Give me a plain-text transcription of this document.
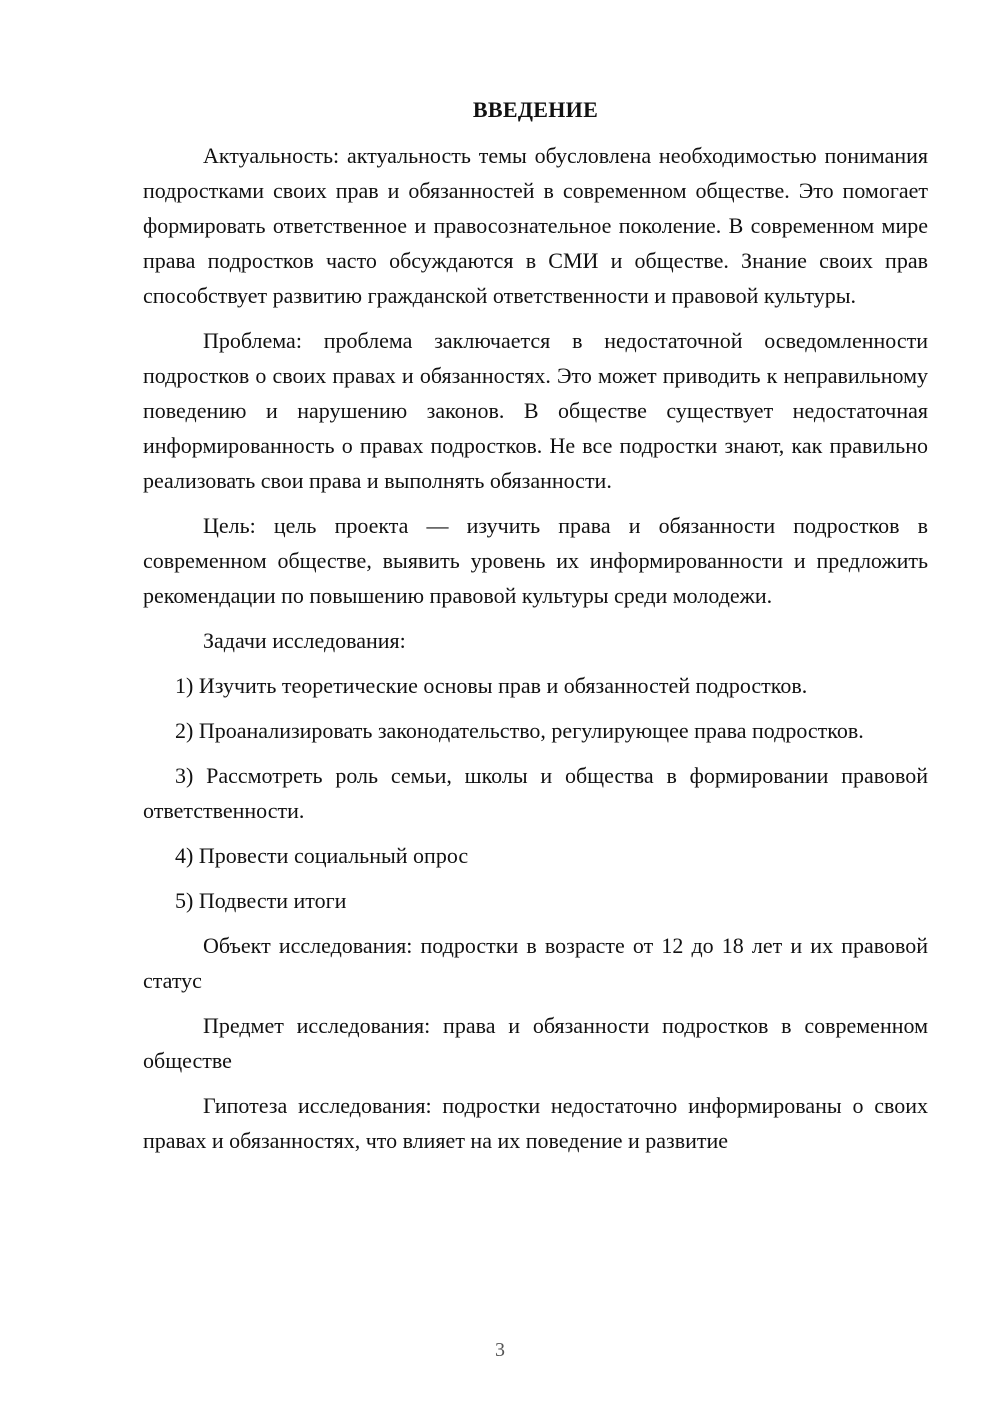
ВВЕДЕНИЕ

Актуальность: актуальность темы обусловлена необходимостью понимания подростками своих прав и обязанностей в современном обществе. Это помогает формировать ответственное и правосознательное поколение. В современном мире права подростков часто обсуждаются в СМИ и обществе. Знание своих прав способствует развитию гражданской ответственности и правовой культуры.

Проблема: проблема заключается в недостаточной осведомленности подростков о своих правах и обязанностях. Это может приводить к неправильному поведению и нарушению законов. В обществе существует недостаточная информированность о правах подростков. Не все подростки знают, как правильно реализовать свои права и выполнять обязанности.

Цель: цель проекта — изучить права и обязанности подростков в современном обществе, выявить уровень их информированности и предложить рекомендации по повышению правовой культуры среди молодежи.

Задачи исследования:

1) Изучить теоретические основы прав и обязанностей подростков.

2) Проанализировать законодательство, регулирующее права подростков.

3) Рассмотреть роль семьи, школы и общества в формировании правовой ответственности.

4) Провести социальный опрос

5) Подвести итоги

Объект исследования: подростки в возрасте от 12 до 18 лет и их правовой статус

Предмет исследования: права и обязанности подростков в современном обществе

Гипотеза исследования: подростки недостаточно информированы о своих правах и обязанностях, что влияет на их поведение и развитие

3
